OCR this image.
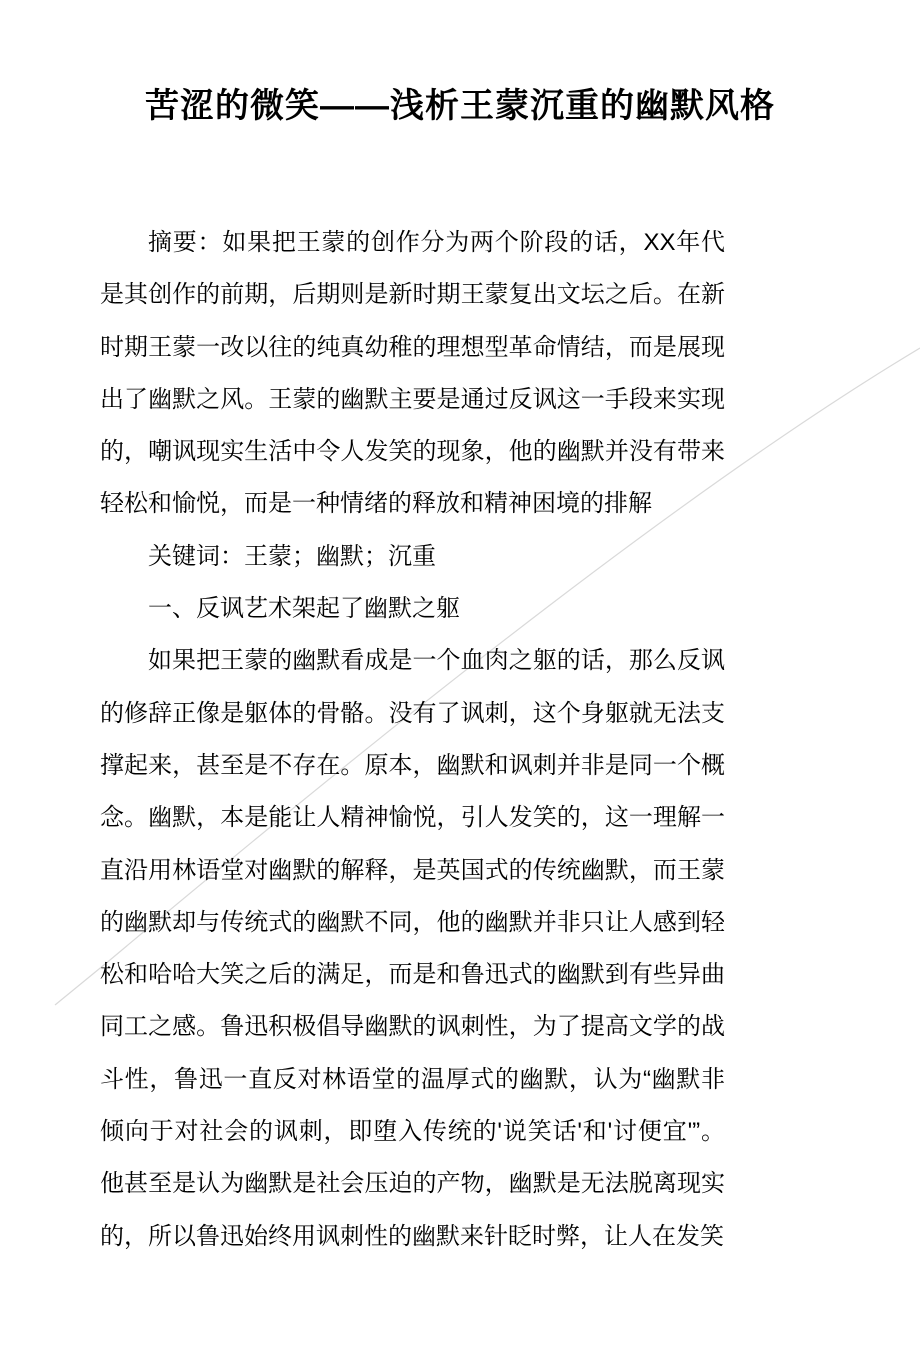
苦涩的微笑——浅析王蒙沉重的幽默风格
摘要：如果把王蒙的创作分为两个阶段的话，XX年代
是其创作的前期，后期则是新时期王蒙复出文坛之后。在新
时期王蒙一改以往的纯真幼稚的理想型革命情结，而是展现
出了幽默之风。王蒙的幽默主要是通过反讽这一手段来实现
的，嘲讽现实生活中令人发笑的现象，他的幽默并没有带来
轻松和愉悦，而是一种情绪的释放和精神困境的排解
关键词：王蒙；幽默；沉重
一、反讽艺术架起了幽默之躯
如果把王蒙的幽默看成是一个血肉之躯的话，那么反讽
的修辞正像是躯体的骨骼。没有了讽刺，这个身躯就无法支
撑起来，甚至是不存在。原本，幽默和讽刺并非是同一个概
念。幽默，本是能让人精神愉悦，引人发笑的，这一理解一
直沿用林语堂对幽默的解释，是英国式的传统幽默，而王蒙
的幽默却与传统式的幽默不同，他的幽默并非只让人感到轻
松和哈哈大笑之后的满足，而是和鲁迅式的幽默到有些异曲
同工之感。鲁迅积极倡导幽默的讽刺性，为了提高文学的战
斗性，鲁迅一直反对林语堂的温厚式的幽默，认为“幽默非
倾向于对社会的讽刺，即堕入传统的'说笑话'和'讨便宜'”。
他甚至是认为幽默是社会压迫的产物，幽默是无法脱离现实
的，所以鲁迅始终用讽刺性的幽默来针眨时弊，让人在发笑
